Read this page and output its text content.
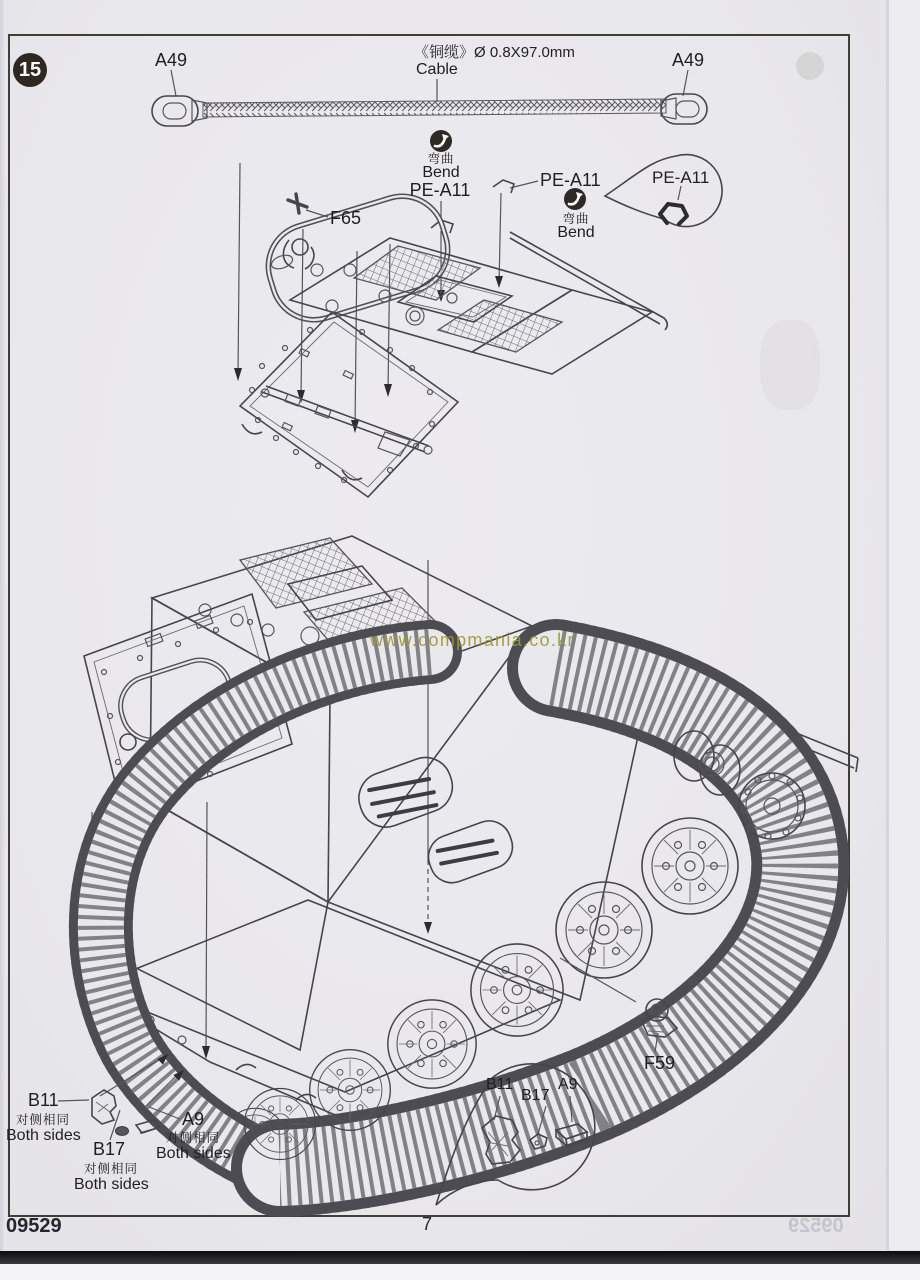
15	A49	A49
《铜缆》Ø 0.8X97.0mm
Cable
弯曲
Bend
PE-A11	PE-A11
弯曲
Bend
PE-A11
F65
www.compmania.co.kr
F59
B11
对侧相同
Both sides
B17
对侧相同
Both sides
A9
对侧相同
Both sides
B11
B17
A9
09529	7	09529
